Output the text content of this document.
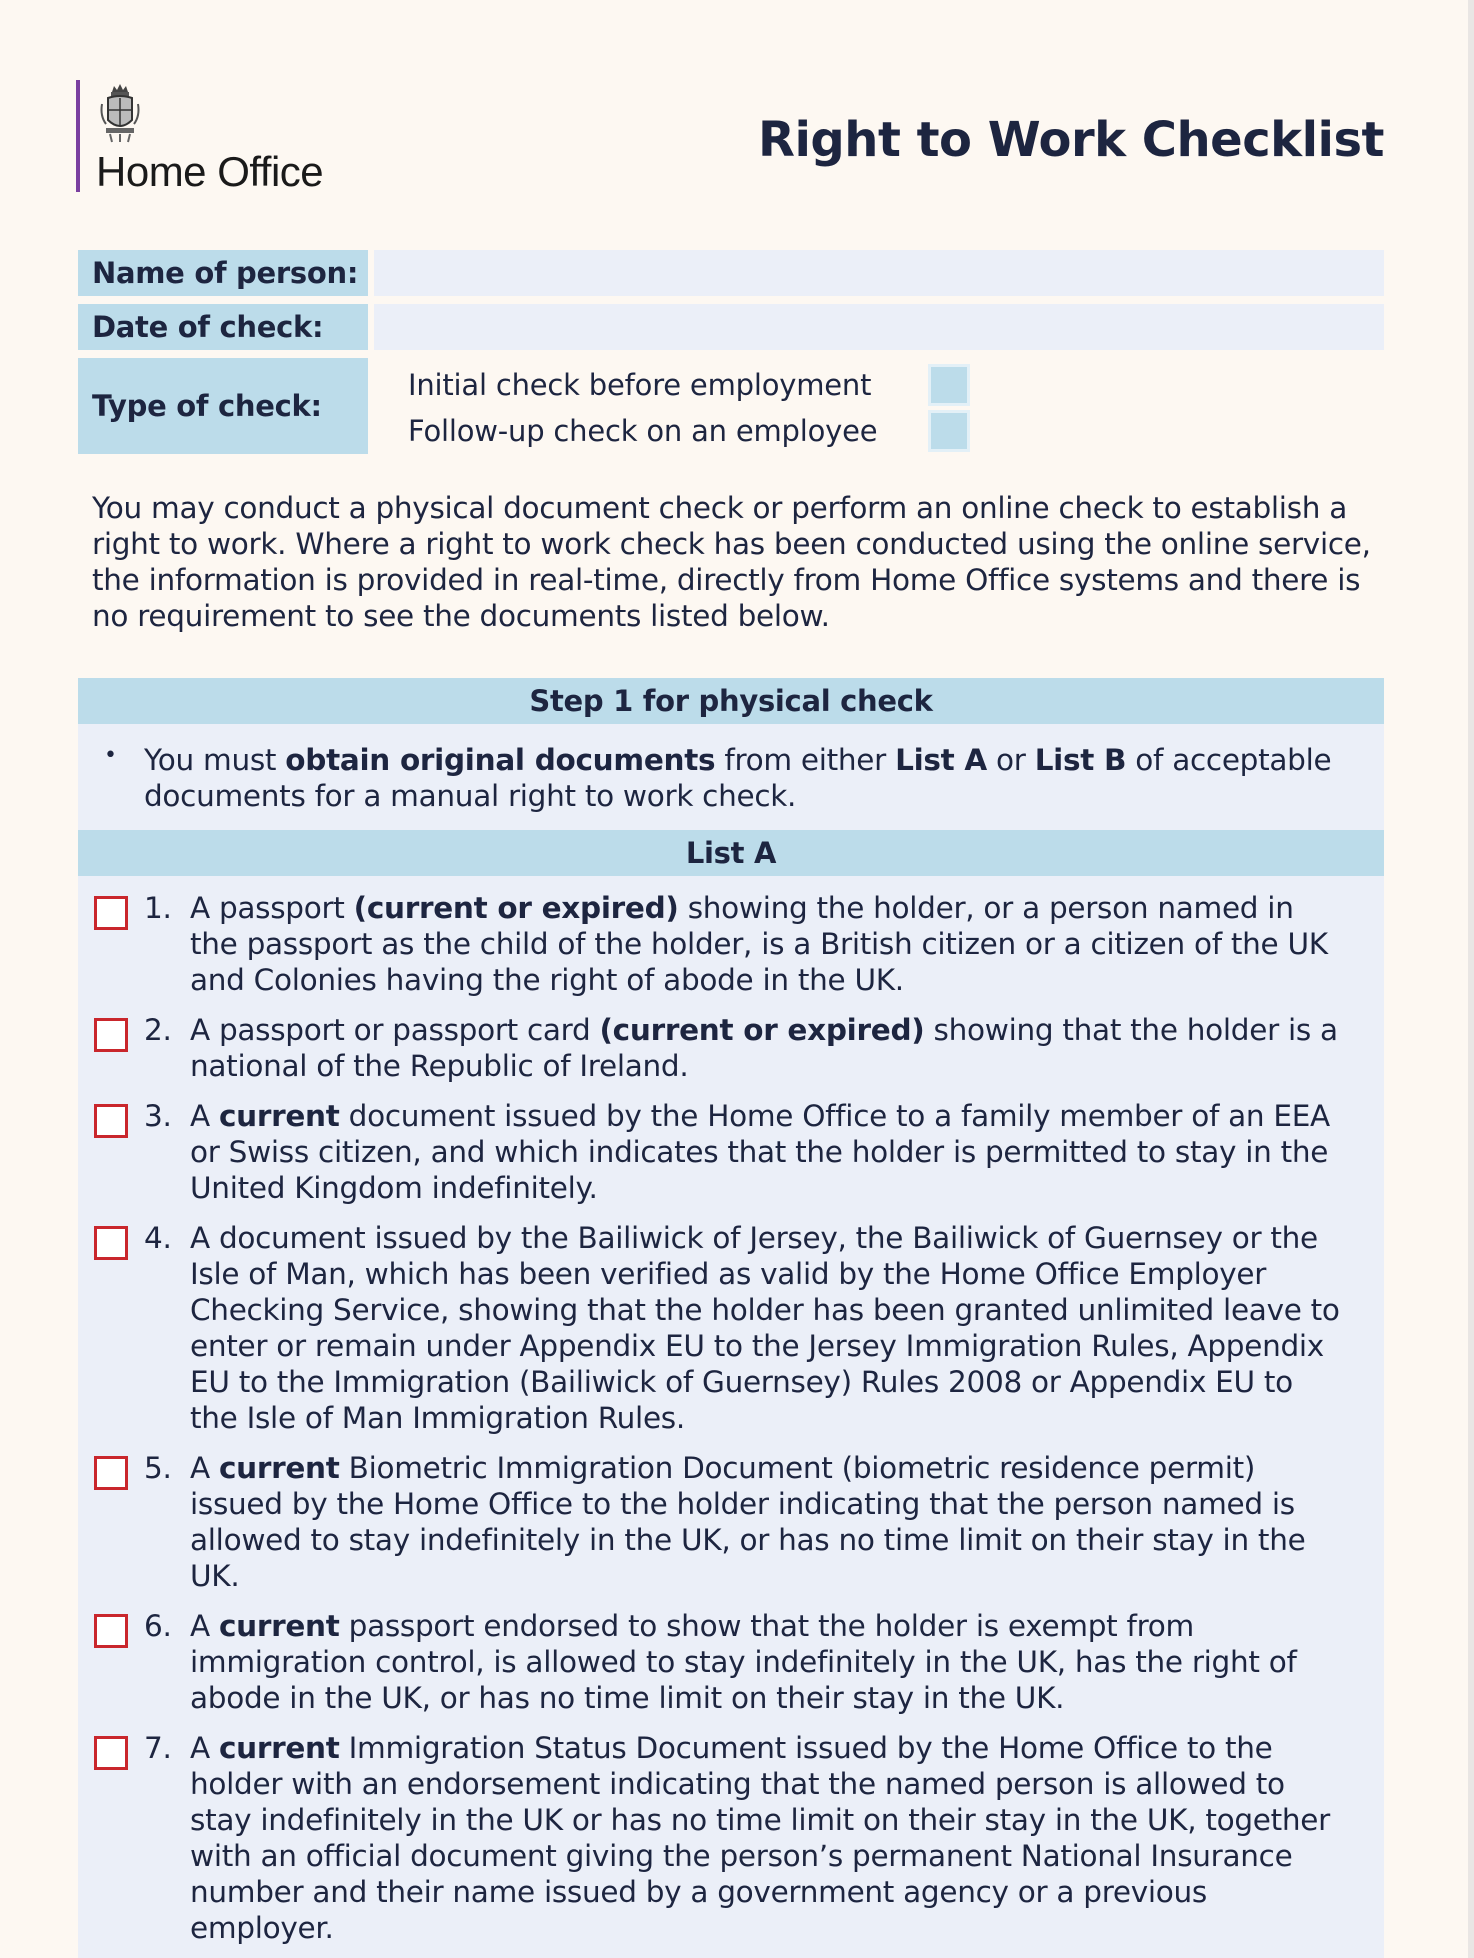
Home Office
Right to Work Checklist
Name of person:
Date of check:
Type of check:
Initial check before employment
Follow-up check on an employee

You may conduct a physical document check or perform an online check to establish a right to work. Where a right to work check has been conducted using the online service, the information is provided in real-time, directly from Home Office systems and there is no requirement to see the documents listed below.

Step 1 for physical check
• You must obtain original documents from either List A or List B of acceptable documents for a manual right to work check.
List A
1. A passport (current or expired) showing the holder, or a person named in the passport as the child of the holder, is a British citizen or a citizen of the UK and Colonies having the right of abode in the UK.
2. A passport or passport card (current or expired) showing that the holder is a national of the Republic of Ireland.
3. A current document issued by the Home Office to a family member of an EEA or Swiss citizen, and which indicates that the holder is permitted to stay in the United Kingdom indefinitely.
4. A document issued by the Bailiwick of Jersey, the Bailiwick of Guernsey or the Isle of Man, which has been verified as valid by the Home Office Employer Checking Service, showing that the holder has been granted unlimited leave to enter or remain under Appendix EU to the Jersey Immigration Rules, Appendix EU to the Immigration (Bailiwick of Guernsey) Rules 2008 or Appendix EU to the Isle of Man Immigration Rules.
5. A current Biometric Immigration Document (biometric residence permit) issued by the Home Office to the holder indicating that the person named is allowed to stay indefinitely in the UK, or has no time limit on their stay in the UK.
6. A current passport endorsed to show that the holder is exempt from immigration control, is allowed to stay indefinitely in the UK, has the right of abode in the UK, or has no time limit on their stay in the UK.
7. A current Immigration Status Document issued by the Home Office to the holder with an endorsement indicating that the named person is allowed to stay indefinitely in the UK or has no time limit on their stay in the UK, together with an official document giving the person’s permanent National Insurance number and their name issued by a government agency or a previous employer.
